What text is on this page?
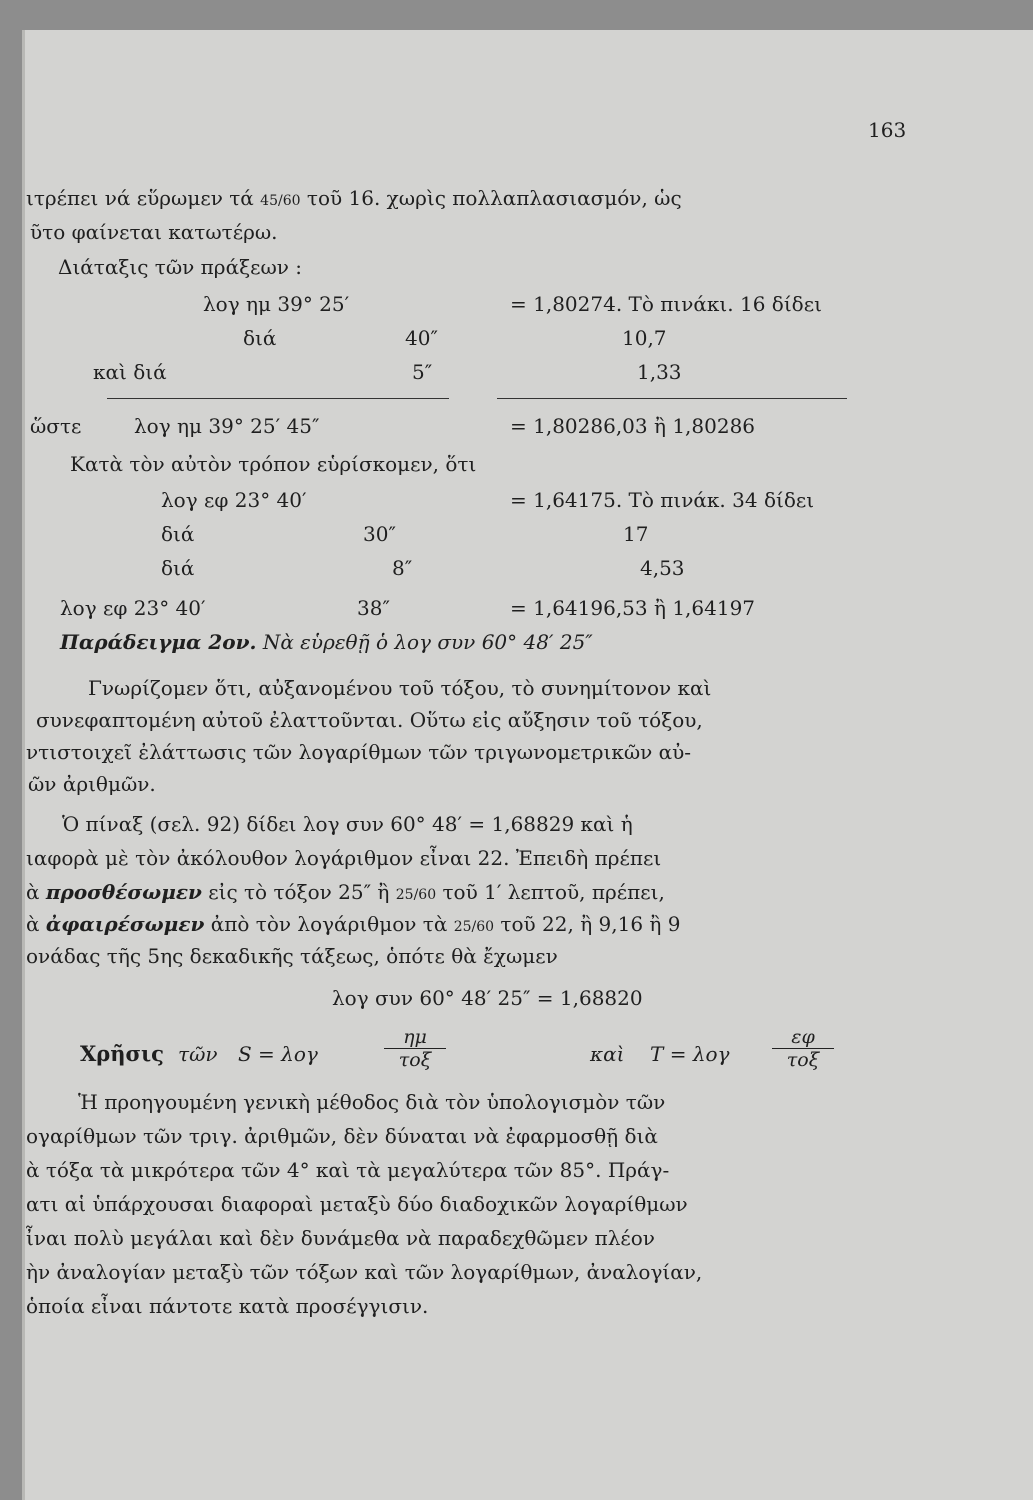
163
ιτρέπει νά εὕρωμεν τά 45/60 τοῦ 16. χωρὶς πολλαπλασιασμόν, ὡς
ῦτο φαίνεται κατωτέρω.
Διάταξις τῶν πράξεων :
λογ ημ 39° 25′	= 1,80274. Τὸ πινάκι. 16 δίδει
διά	40″	10,7
καὶ διά	5″	1,33
ὥστε	λογ ημ 39° 25′ 45″	= 1,80286,03 ἢ 1,80286
Κατὰ τὸν αὐτὸν τρόπον εὑρίσκομεν, ὅτι
λογ εφ 23° 40′	= 1,64175. Τὸ πινάκ. 34 δίδει
διά	30″	17
διά	8″	4,53
λογ εφ 23° 40′	38″	= 1,64196,53 ἢ 1,64197
Παράδειγμα 2ον. Νὰ εὑρεθῇ ὁ λογ συν 60° 48′ 25″
Γνωρίζομεν ὅτι, αὐξανομένου τοῦ τόξου, τὸ συνημίτονον καὶ
συνεφαπτομένη αὐτοῦ ἐλαττοῦνται. Οὕτω εἰς αὔξησιν τοῦ τόξου,
ντιστοιχεῖ ἐλάττωσις τῶν λογαρίθμων τῶν τριγωνομετρικῶν αὐ-
ῶν ἀριθμῶν.
Ὁ πίναξ (σελ. 92) δίδει λογ συν 60° 48′ = 1,68829 καὶ ἡ
ιαφορὰ μὲ τὸν ἀκόλουθον λογάριθμον εἶναι 22. Ἐπειδὴ πρέπει
ὰ προσθέσωμεν εἰς τὸ τόξον 25″ ἢ 25/60 τοῦ 1′ λεπτοῦ, πρέπει,
ὰ ἀφαιρέσωμεν ἀπὸ τὸν λογάριθμον τὰ 25/60 τοῦ 22, ἢ 9,16 ἢ 9
ονάδας τῆς 5ης δεκαδικῆς τάξεως, ὁπότε θὰ ἔχωμεν
λογ συν 60° 48′ 25″ = 1,68820
Χρῆσις τῶν S = λογ
ημ
τοξ	καὶ T = λογ
εφ
τοξ
Ἡ προηγουμένη γενικὴ μέθοδος διὰ τὸν ὑπολογισμὸν τῶν
ογαρίθμων τῶν τριγ. ἀριθμῶν, δὲν δύναται νὰ ἐφαρμοσθῇ διὰ
ὰ τόξα τὰ μικρότερα τῶν 4° καὶ τὰ μεγαλύτερα τῶν 85°. Πράγ-
ατι αἱ ὑπάρχουσαι διαφοραὶ μεταξὺ δύο διαδοχικῶν λογαρίθμων
ἶναι πολὺ μεγάλαι καὶ δὲν δυνάμεθα νὰ παραδεχθῶμεν πλέον
ὴν ἀναλογίαν μεταξὺ τῶν τόξων καὶ τῶν λογαρίθμων, ἀναλογίαν,
ὁποία εἶναι πάντοτε κατὰ προσέγγισιν.
